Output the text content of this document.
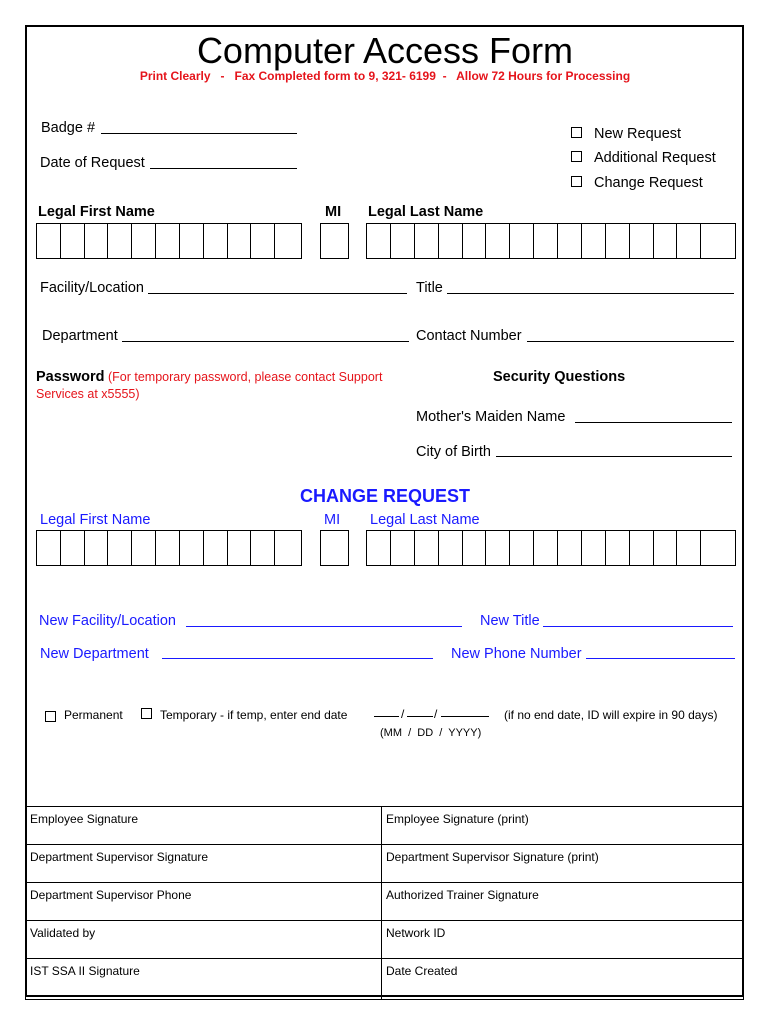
Computer Access Form
Print Clearly   -   Fax Completed form to 9, 321- 6199  -   Allow 72 Hours for Processing
Badge #
Date of Request
New Request
Additional Request
Change Request
Legal First Name	MI Legal Last Name
Facility/Location	Title
Department	Contact Number
Password (For temporary password, please contact Support Services at x5555)
Security Questions
Mother's Maiden Name
City of Birth
CHANGE REQUEST
Legal First Name	MI Legal Last Name
New Facility/Location	New Title
New Department	New Phone Number
Permanent	Temporary - if temp, enter end date	/ /	(if no end date, ID will expire in 90 days)
(MM  /  DD  /  YYYY)
Employee Signature	Employee Signature (print)
Department Supervisor Signature	Department Supervisor Signature (print)
Department Supervisor Phone	Authorized Trainer Signature
Validated by	Network ID
IST SSA II Signature	Date Created
